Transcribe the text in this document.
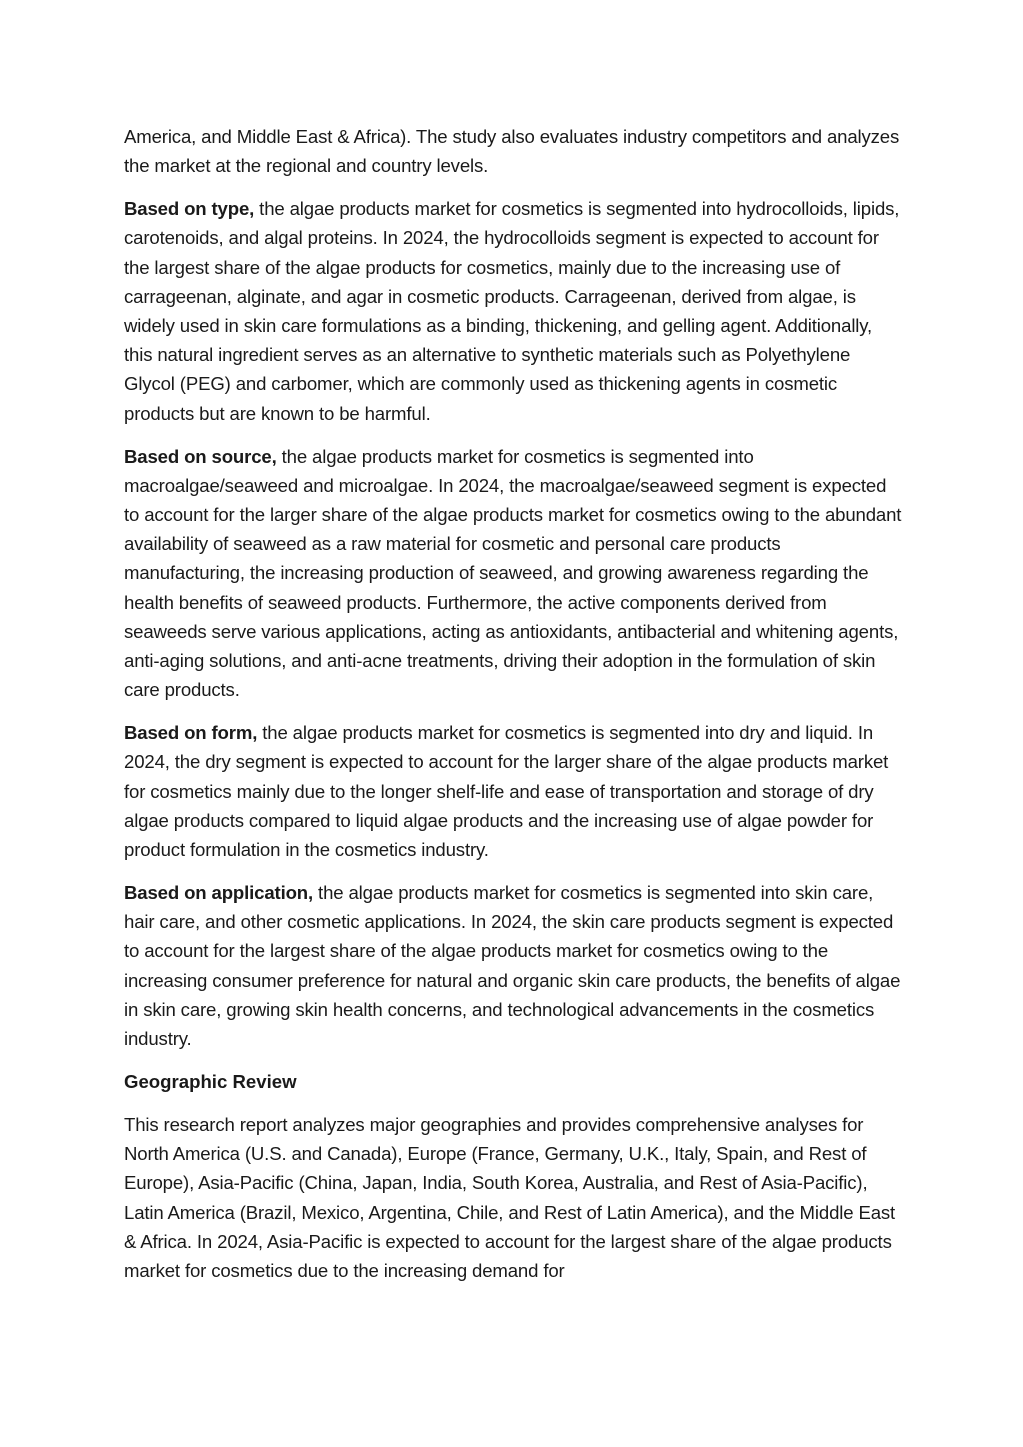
America, and Middle East & Africa). The study also evaluates industry competitors and analyzes the market at the regional and country levels.

Based on type, the algae products market for cosmetics is segmented into hydrocolloids, lipids, carotenoids, and algal proteins. In 2024, the hydrocolloids segment is expected to account for the largest share of the algae products for cosmetics, mainly due to the increasing use of carrageenan, alginate, and agar in cosmetic products. Carrageenan, derived from algae, is widely used in skin care formulations as a binding, thickening, and gelling agent. Additionally, this natural ingredient serves as an alternative to synthetic materials such as Polyethylene Glycol (PEG) and carbomer, which are commonly used as thickening agents in cosmetic products but are known to be harmful.

Based on source, the algae products market for cosmetics is segmented into macroalgae/seaweed and microalgae. In 2024, the macroalgae/seaweed segment is expected to account for the larger share of the algae products market for cosmetics owing to the abundant availability of seaweed as a raw material for cosmetic and personal care products manufacturing, the increasing production of seaweed, and growing awareness regarding the health benefits of seaweed products. Furthermore, the active components derived from seaweeds serve various applications, acting as antioxidants, antibacterial and whitening agents, anti-aging solutions, and anti-acne treatments, driving their adoption in the formulation of skin care products.

Based on form, the algae products market for cosmetics is segmented into dry and liquid. In 2024, the dry segment is expected to account for the larger share of the algae products market for cosmetics mainly due to the longer shelf-life and ease of transportation and storage of dry algae products compared to liquid algae products and the increasing use of algae powder for product formulation in the cosmetics industry.

Based on application, the algae products market for cosmetics is segmented into skin care, hair care, and other cosmetic applications. In 2024, the skin care products segment is expected to account for the largest share of the algae products market for cosmetics owing to the increasing consumer preference for natural and organic skin care products, the benefits of algae in skin care, growing skin health concerns, and technological advancements in the cosmetics industry.

Geographic Review

This research report analyzes major geographies and provides comprehensive analyses for North America (U.S. and Canada), Europe (France, Germany, U.K., Italy, Spain, and Rest of Europe), Asia-Pacific (China, Japan, India, South Korea, Australia, and Rest of Asia-Pacific), Latin America (Brazil, Mexico, Argentina, Chile, and Rest of Latin America), and the Middle East & Africa. In 2024, Asia-Pacific is expected to account for the largest share of the algae products market for cosmetics due to the increasing demand for
